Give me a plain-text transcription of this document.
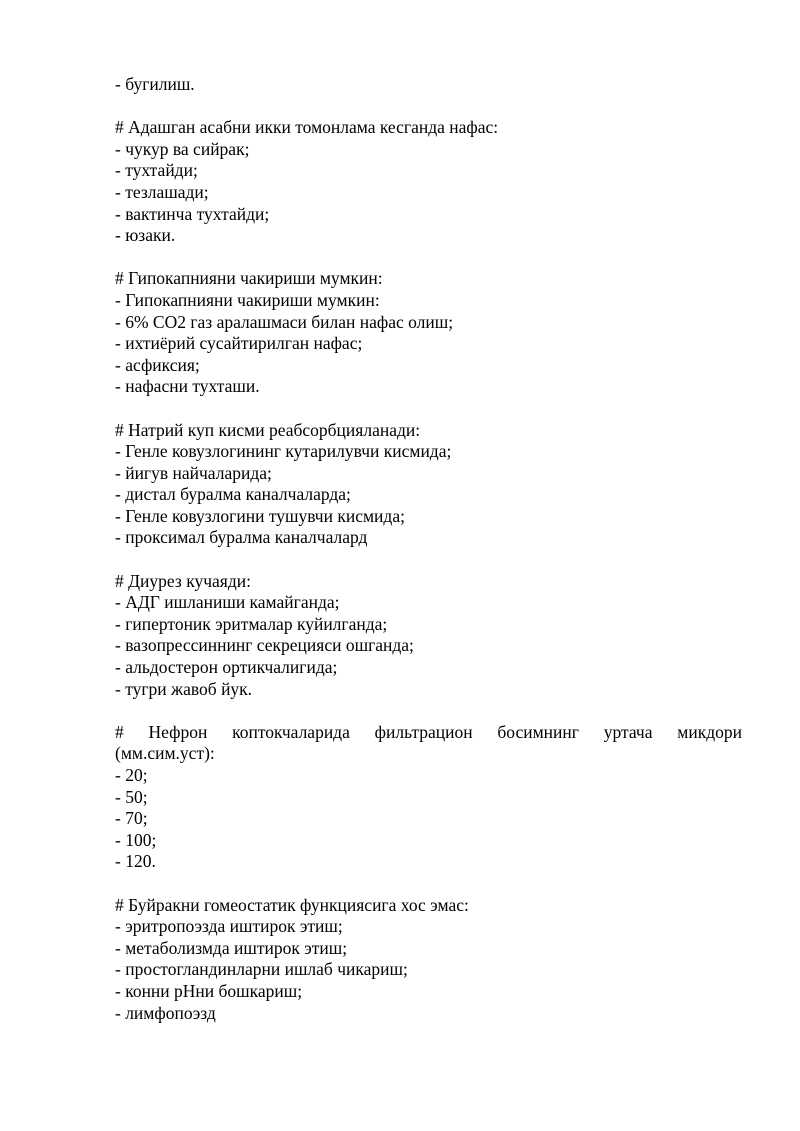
- бугилиш.

# Адашган асабни икки томонлама кесганда нафас:

- чукур ва сийрак;

- тухтайди;

- тезлашади;

- вактинча тухтайди;

- юзаки.

# Гипокапнияни чакириши мумкин:

- Гипокапнияни чакириши мумкин:

- 6% СО2 газ аралашмаси билан нафас олиш;

- ихтиёрий сусайтирилган нафас;

- асфиксия;

- нафасни тухташи.

# Натрий куп кисми реабсорбцияланади:

- Генле ковузлогининг кутарилувчи кисмида;

- йигув найчаларида;

- дистал буралма каналчаларда;

- Генле ковузлогини тушувчи кисмида;

- проксимал буралма каналчалард

# Диурез кучаяди:

- АДГ ишланиши камайганда;

- гипертоник эритмалар куйилганда;

- вазопрессиннинг секрецияси ошганда;

- альдостерон ортикчалигида;

- тугри жавоб йук.

# Нефрон коптокчаларида фильтрацион босимнинг уртача микдори

(мм.сим.уст):

- 20;

- 50;

- 70;

- 100;

- 120.

# Буйракни гомеостатик функциясига хос эмас:

- эритропоэзда иштирок этиш;

- метаболизмда иштирок этиш;

- простогландинларни ишлаб чикариш;

- конни рНни бошкариш;

- лимфопоэзд
